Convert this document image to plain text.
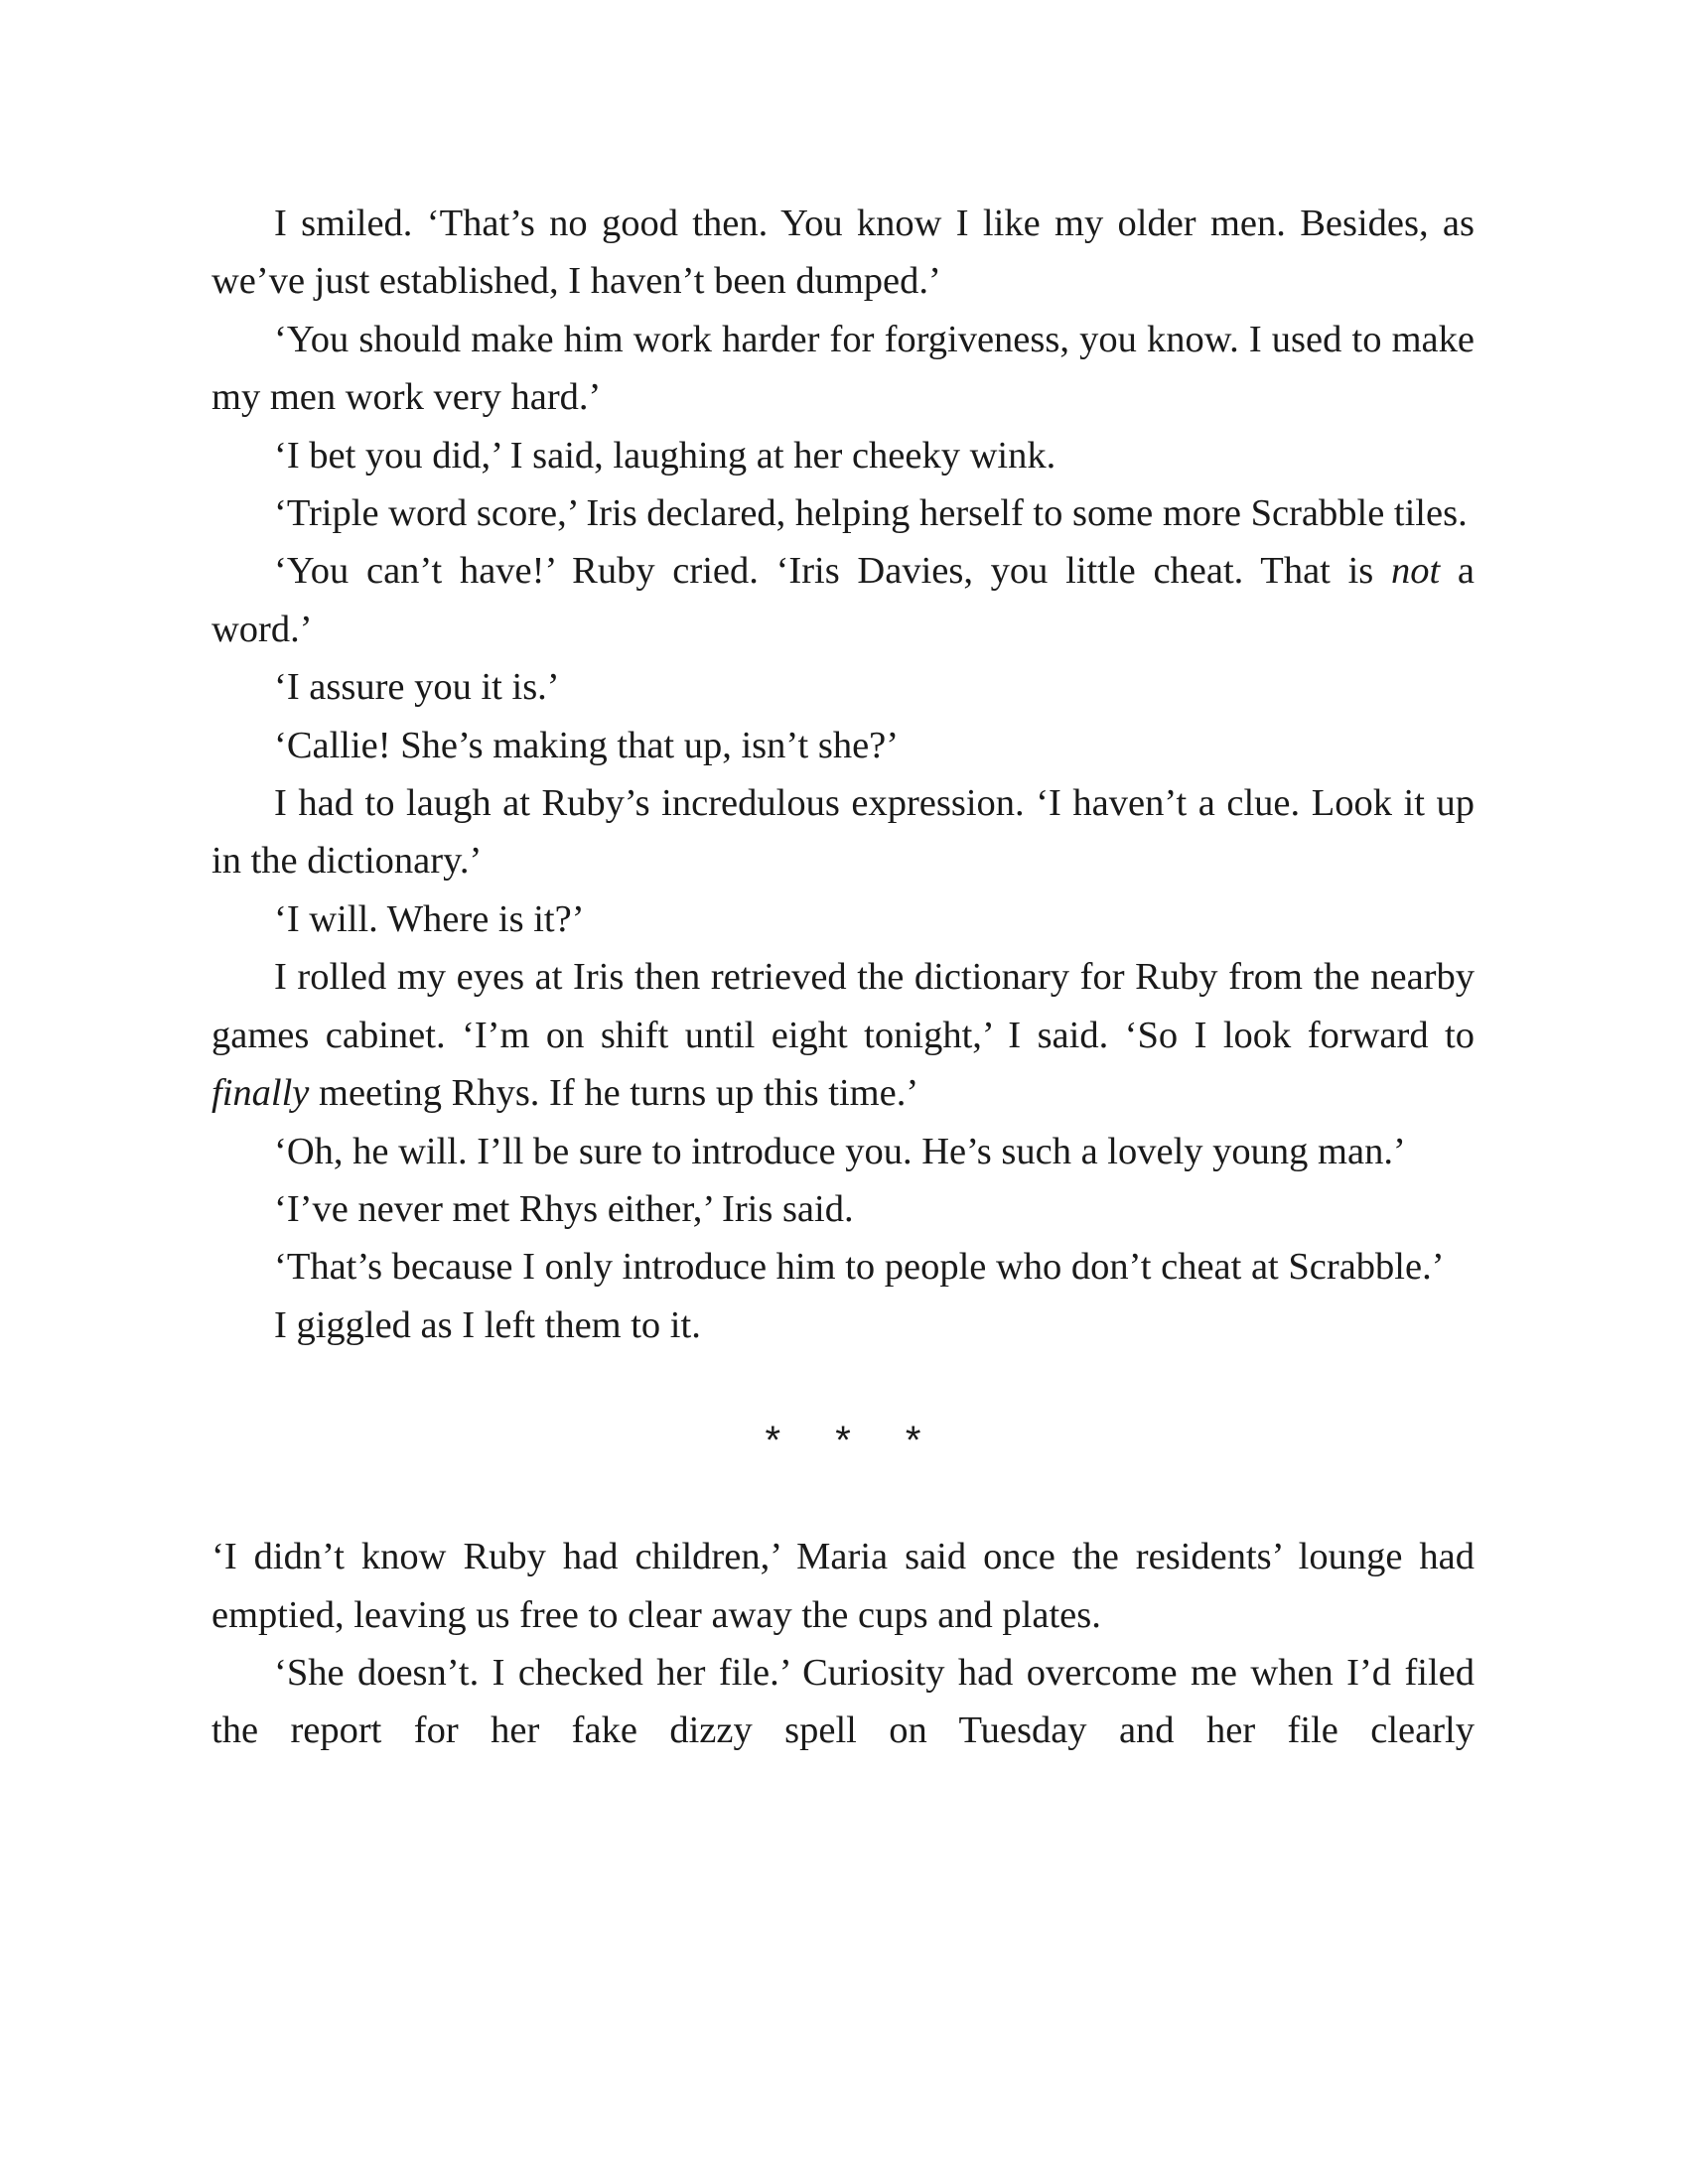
I smiled. ‘That’s no good then. You know I like my older men. Besides, as we’ve just established, I haven’t been dumped.’

‘You should make him work harder for forgiveness, you know. I used to make my men work very hard.’

‘I bet you did,’ I said, laughing at her cheeky wink.

‘Triple word score,’ Iris declared, helping herself to some more Scrabble tiles.

‘You can’t have!’ Ruby cried. ‘Iris Davies, you little cheat. That is not a word.’

‘I assure you it is.’

‘Callie! She’s making that up, isn’t she?’

I had to laugh at Ruby’s incredulous expression. ‘I haven’t a clue. Look it up in the dictionary.’

‘I will. Where is it?’

I rolled my eyes at Iris then retrieved the dictionary for Ruby from the nearby games cabinet. ‘I’m on shift until eight tonight,’ I said. ‘So I look forward to finally meeting Rhys. If he turns up this time.’

‘Oh, he will. I’ll be sure to introduce you. He’s such a lovely young man.’

‘I’ve never met Rhys either,’ Iris said.

‘That’s because I only introduce him to people who don’t cheat at Scrabble.’

I giggled as I left them to it.

* * *

‘I didn’t know Ruby had children,’ Maria said once the residents’ lounge had emptied, leaving us free to clear away the cups and plates.

‘She doesn’t. I checked her file.’ Curiosity had overcome me when I’d filed the report for her fake dizzy spell on Tuesday and her file clearly
